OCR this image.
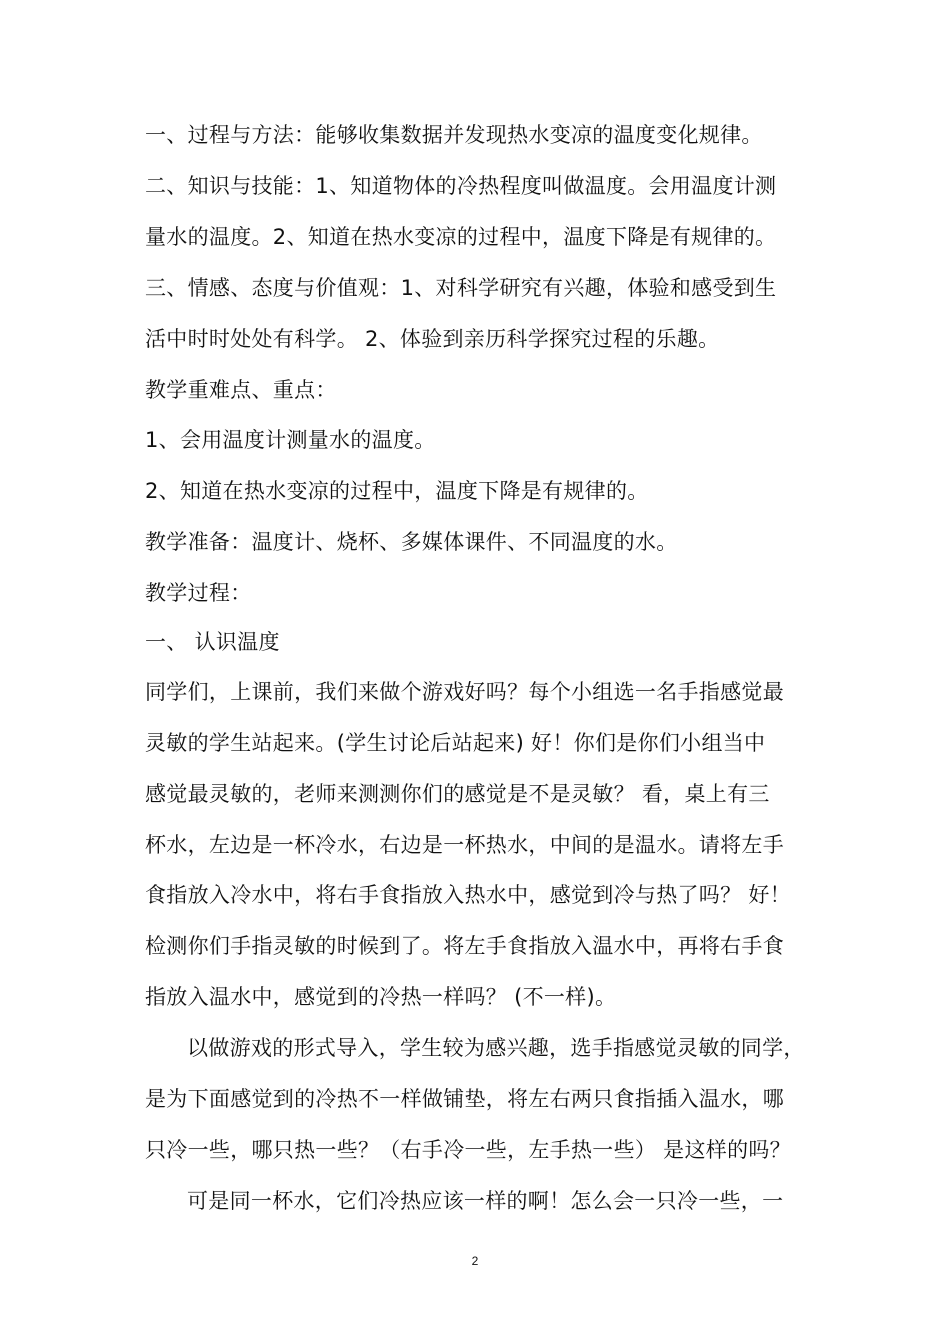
一、过程与方法：能够收集数据并发现热水变凉的温度变化规律。
二、知识与技能：1、知道物体的冷热程度叫做温度。会用温度计测
量水的温度。2、知道在热水变凉的过程中，温度下降是有规律的。
三、情感、态度与价值观：1、对科学研究有兴趣，体验和感受到生
活中时时处处有科学。 2、体验到亲历科学探究过程的乐趣。
教学重难点、重点：
1、会用温度计测量水的温度。
2、知道在热水变凉的过程中，温度下降是有规律的。
教学准备：温度计、烧杯、多媒体课件、不同温度的水。
教学过程：
一、 认识温度
同学们，上课前，我们来做个游戏好吗？每个小组选一名手指感觉最
灵敏的学生站起来。(学生讨论后站起来) 好！你们是你们小组当中
感觉最灵敏的，老师来测测你们的感觉是不是灵敏？ 看，桌上有三
杯水，左边是一杯冷水，右边是一杯热水，中间的是温水。请将左手
食指放入冷水中，将右手食指放入热水中，感觉到冷与热了吗？ 好！
检测你们手指灵敏的时候到了。将左手食指放入温水中，再将右手食
指放入温水中，感觉到的冷热一样吗？ (不一样)。
以做游戏的形式导入，学生较为感兴趣，选手指感觉灵敏的同学，
是为下面感觉到的冷热不一样做铺垫，将左右两只食指插入温水，哪
只冷一些，哪只热一些？（右手冷一些，左手热一些） 是这样的吗？
可是同一杯水，它们冷热应该一样的啊！怎么会一只冷一些，一
2
